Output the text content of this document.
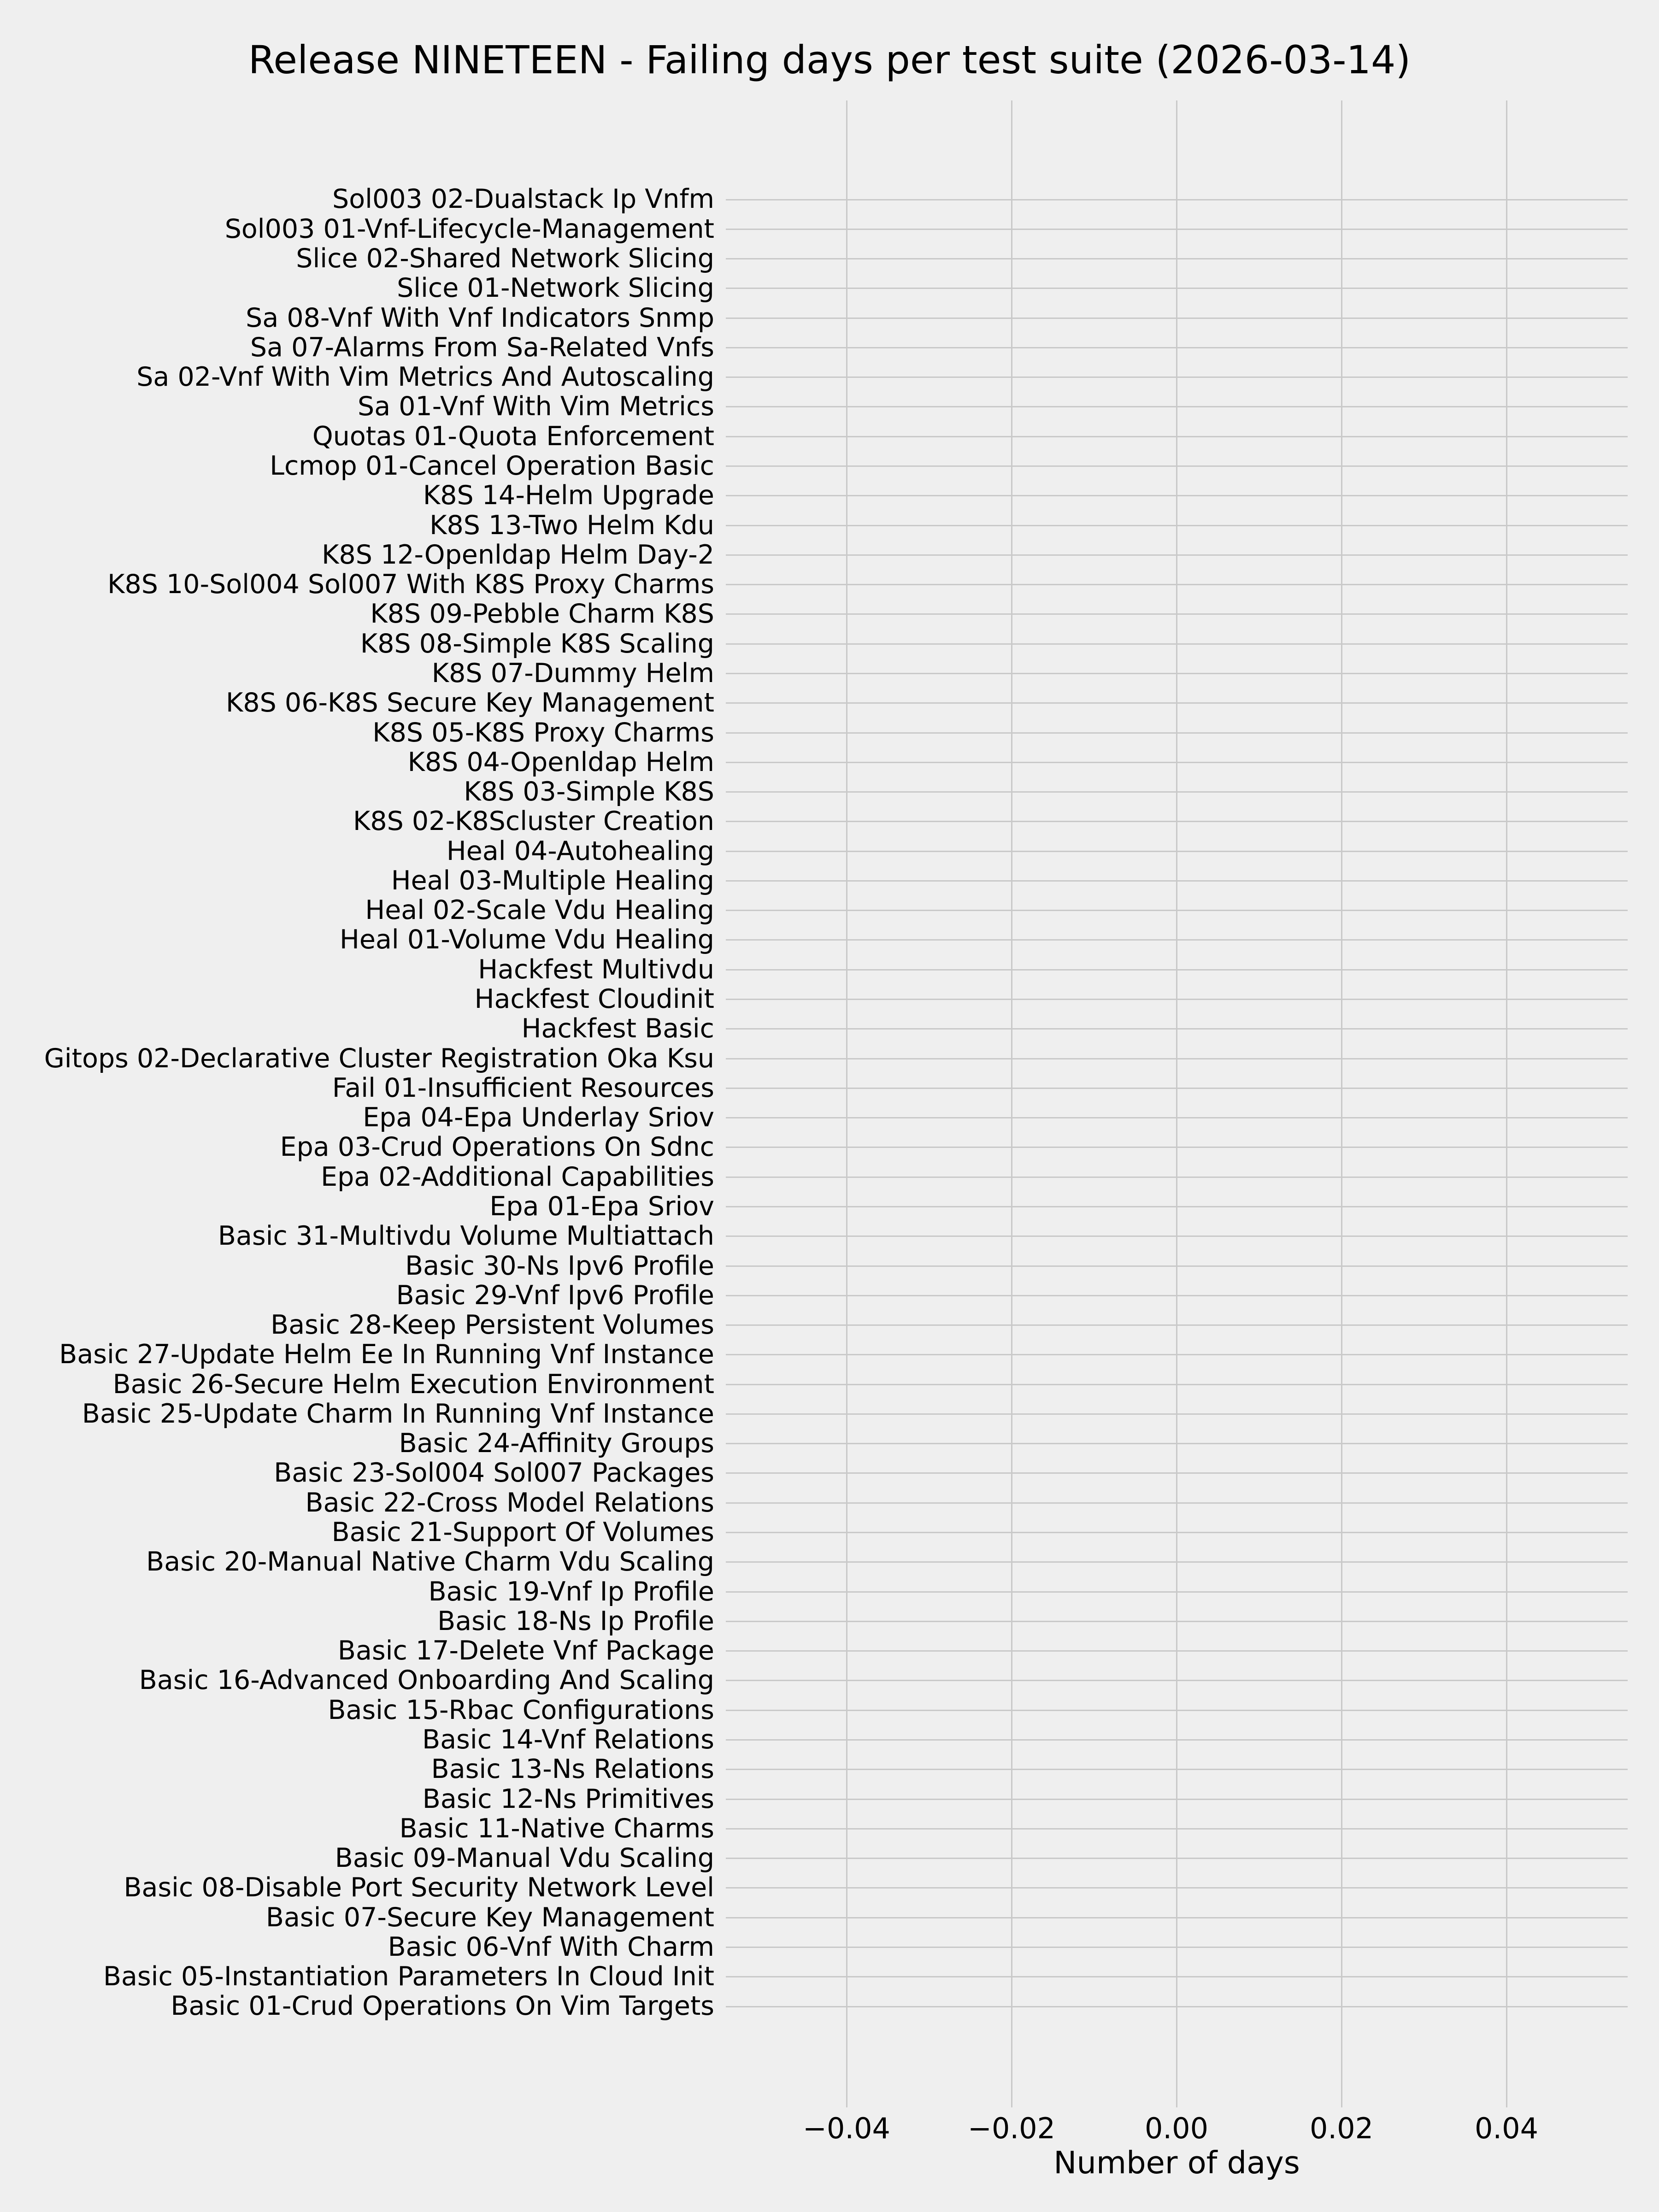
Release NINETEEN - Failing days per test suite (2026-03-14)
Sol003 02-Dualstack Ip Vnfm
Sol003 01-Vnf-Lifecycle-Management
Slice 02-Shared Network Slicing
Slice 01-Network Slicing
Sa 08-Vnf With Vnf Indicators Snmp
Sa 07-Alarms From Sa-Related Vnfs
Sa 02-Vnf With Vim Metrics And Autoscaling
Sa 01-Vnf With Vim Metrics
Quotas 01-Quota Enforcement
Lcmop 01-Cancel Operation Basic
K8S 14-Helm Upgrade
K8S 13-Two Helm Kdu
K8S 12-Openldap Helm Day-2
K8S 10-Sol004 Sol007 With K8S Proxy Charms
K8S 09-Pebble Charm K8S
K8S 08-Simple K8S Scaling
K8S 07-Dummy Helm
K8S 06-K8S Secure Key Management
K8S 05-K8S Proxy Charms
K8S 04-Openldap Helm
K8S 03-Simple K8S
K8S 02-K8Scluster Creation
Heal 04-Autohealing
Heal 03-Multiple Healing
Heal 02-Scale Vdu Healing
Heal 01-Volume Vdu Healing
Hackfest Multivdu
Hackfest Cloudinit
Hackfest Basic
Gitops 02-Declarative Cluster Registration Oka Ksu
Fail 01-Insufficient Resources
Epa 04-Epa Underlay Sriov
Epa 03-Crud Operations On Sdnc
Epa 02-Additional Capabilities
Epa 01-Epa Sriov
Basic 31-Multivdu Volume Multiattach
Basic 30-Ns Ipv6 Profile
Basic 29-Vnf Ipv6 Profile
Basic 28-Keep Persistent Volumes
Basic 27-Update Helm Ee In Running Vnf Instance
Basic 26-Secure Helm Execution Environment
Basic 25-Update Charm In Running Vnf Instance
Basic 24-Affinity Groups
Basic 23-Sol004 Sol007 Packages
Basic 22-Cross Model Relations
Basic 21-Support Of Volumes
Basic 20-Manual Native Charm Vdu Scaling
Basic 19-Vnf Ip Profile
Basic 18-Ns Ip Profile
Basic 17-Delete Vnf Package
Basic 16-Advanced Onboarding And Scaling
Basic 15-Rbac Configurations
Basic 14-Vnf Relations
Basic 13-Ns Relations
Basic 12-Ns Primitives
Basic 11-Native Charms
Basic 09-Manual Vdu Scaling
Basic 08-Disable Port Security Network Level
Basic 07-Secure Key Management
Basic 06-Vnf With Charm
Basic 05-Instantiation Parameters In Cloud Init
Basic 01-Crud Operations On Vim Targets
−0.04	−0.02	0.00	0.02	0.04
Number of days
